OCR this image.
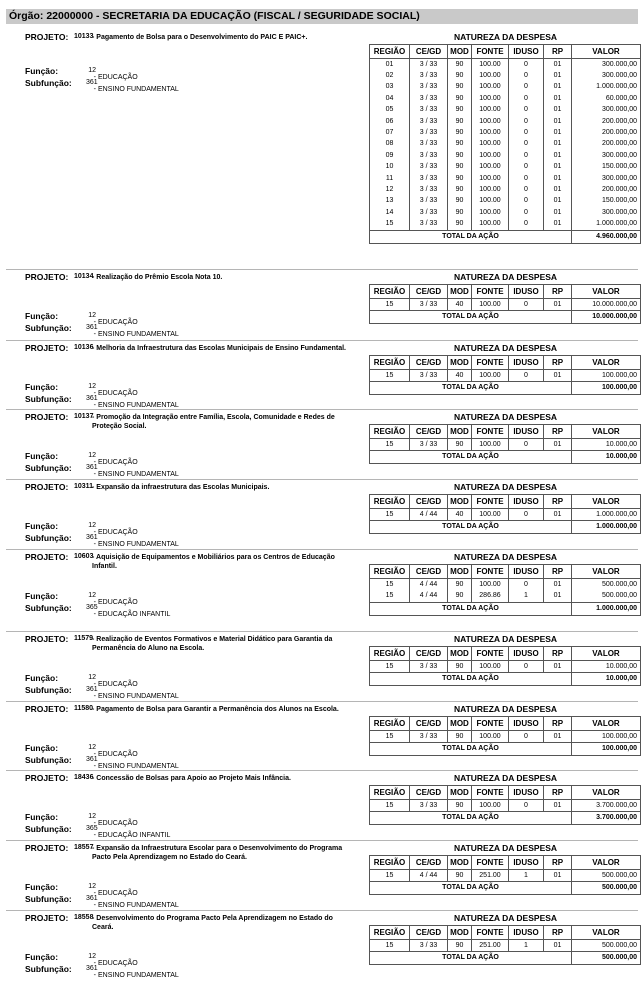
Órgão: 22000000 - SECRETARIA DA EDUCAÇÃO (FISCAL / SEGURIDADE SOCIAL)
PROJETO: 10133 - Pagamento de Bolsa para o Desenvolvimento do PAIC E PAIC+.	NATUREZA DA DESPESA
REGIÃO	CE/GD	MOD	FONTE	IDUSO	RP	VALOR
01	3 / 33	90	100.00	0	01	300.000,00
02	3 / 33	90	100.00	0	01	300.000,00
03	3 / 33	90	100.00	0	01	1.000.000,00
04	3 / 33	90	100.00	0	01	60.000,00
05	3 / 33	90	100.00	0	01	300.000,00
06	3 / 33	90	100.00	0	01	200.000,00
07	3 / 33	90	100.00	0	01	200.000,00
08	3 / 33	90	100.00	0	01	200.000,00
09	3 / 33	90	100.00	0	01	300.000,00
10	3 / 33	90	100.00	0	01	150.000,00
11	3 / 33	90	100.00	0	01	300.000,00
12	3 / 33	90	100.00	0	01	200.000,00
13	3 / 33	90	100.00	0	01	150.000,00
14	3 / 33	90	100.00	0	01	300.000,00
15	3 / 33	90	100.00	0	01	1.000.000,00
TOTAL DA AÇÃO						4.960.000,00
Função:	12 -EDUCAÇÃO
Subfunção: 361 -ENSINO FUNDAMENTAL
PROJETO: 10134 - Realização do Prêmio Escola Nota 10.	NATUREZA DA DESPESA
REGIÃO	CE/GD	MOD	FONTE	IDUSO	RP	VALOR
15	3 / 33	40	100.00	0	01	10.000.000,00
TOTAL DA AÇÃO						10.000.000,00
Função:	12 -EDUCAÇÃO
Subfunção: 361 -ENSINO FUNDAMENTAL
PROJETO: 10136 - Melhoria da Infraestrutura das Escolas Municipais de Ensino Fundamental.	NATUREZA DA DESPESA
REGIÃO	CE/GD	MOD	FONTE	IDUSO	RP	VALOR
15	3 / 33	40	100.00	0	01	100.000,00
TOTAL DA AÇÃO						100.000,00
Função:	12 -EDUCAÇÃO
Subfunção: 361 -ENSINO FUNDAMENTAL
PROJETO: 10137 - Promoção da Integração entre Família, Escola, Comunidade e Redes de Proteção Social.
NATUREZA DA DESPESA
REGIÃO	CE/GD	MOD	FONTE	IDUSO	RP	VALOR
15	3 / 33	90	100.00	0	01	10.000,00
TOTAL DA AÇÃO						10.000,00
Função:	12 -EDUCAÇÃO
Subfunção: 361 -ENSINO FUNDAMENTAL
PROJETO: 10311 - Expansão da infraestrutura das Escolas Municipais.	NATUREZA DA DESPESA
REGIÃO	CE/GD	MOD	FONTE	IDUSO	RP	VALOR
15	4 / 44	40	100.00	0	01	1.000.000,00
TOTAL DA AÇÃO						1.000.000,00
Função:	12 -EDUCAÇÃO
Subfunção: 361 -ENSINO FUNDAMENTAL
PROJETO: 10603 - Aquisição de Equipamentos e Mobiliários para os Centros de Educação Infantil.
NATUREZA DA DESPESA
REGIÃO	CE/GD	MOD	FONTE	IDUSO	RP	VALOR
15	4 / 44	90	100.00	0	01	500.000,00
15	4 / 44	90	286.86	1	01	500.000,00
TOTAL DA AÇÃO						1.000.000,00
Função:	12 -EDUCAÇÃO
Subfunção: 365 -EDUCAÇÃO INFANTIL
PROJETO: 11579 - Realização de Eventos Formativos e Material Didático para Garantia da Permanência do Aluno na Escola.
NATUREZA DA DESPESA
REGIÃO	CE/GD	MOD	FONTE	IDUSO	RP	VALOR
15	3 / 33	90	100.00	0	01	10.000,00
TOTAL DA AÇÃO						10.000,00
Função:	12 -EDUCAÇÃO
Subfunção: 361 -ENSINO FUNDAMENTAL
PROJETO: 11580 - Pagamento de Bolsa para Garantir a Permanência dos Alunos na Escola.	NATUREZA DA DESPESA
REGIÃO	CE/GD	MOD	FONTE	IDUSO	RP	VALOR
15	3 / 33	90	100.00	0	01	100.000,00
TOTAL DA AÇÃO						100.000,00
Função:	12 -EDUCAÇÃO
Subfunção: 361 -ENSINO FUNDAMENTAL
PROJETO: 18436 - Concessão de Bolsas para Apoio ao Projeto Mais Infância.	NATUREZA DA DESPESA
REGIÃO	CE/GD	MOD	FONTE	IDUSO	RP	VALOR
15	3 / 33	90	100.00	0	01	3.700.000,00
TOTAL DA AÇÃO						3.700.000,00
Função:	12 -EDUCAÇÃO
Subfunção: 365 -EDUCAÇÃO INFANTIL
PROJETO: 18557 - Expansão da Infraestrutura Escolar para o Desenvolvimento do Programa Pacto Pela Aprendizagem no Estado do Ceará.
NATUREZA DA DESPESA
REGIÃO	CE/GD	MOD	FONTE	IDUSO	RP	VALOR
15	4 / 44	90	251.00	1	01	500.000,00
TOTAL DA AÇÃO						500.000,00
Função:	12 -EDUCAÇÃO
Subfunção: 361 -ENSINO FUNDAMENTAL
PROJETO: 18558 - Desenvolvimento do Programa Pacto Pela Aprendizagem no Estado do Ceará.
NATUREZA DA DESPESA
REGIÃO	CE/GD	MOD	FONTE	IDUSO	RP	VALOR
15	3 / 33	90	251.00	1	01	500.000,00
TOTAL DA AÇÃO						500.000,00
Função:	12 -EDUCAÇÃO
Subfunção: 361 -ENSINO FUNDAMENTAL
